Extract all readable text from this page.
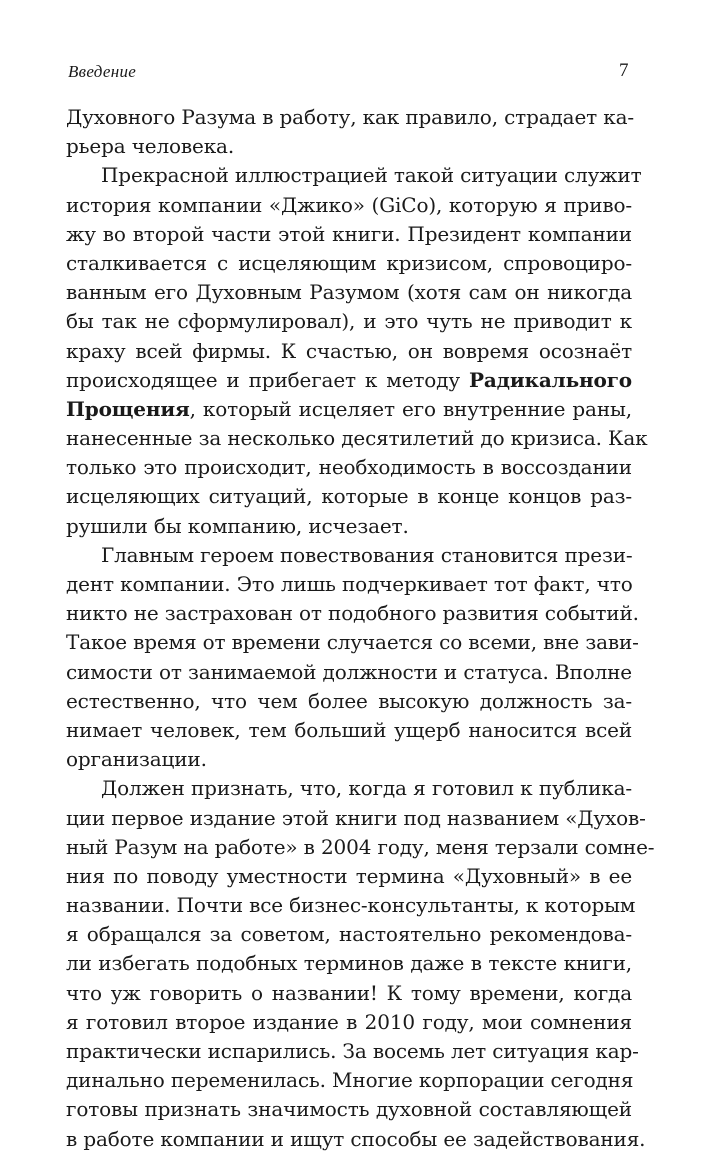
Введение	7
Духовного Разума в работу, как правило, страдает ка-
рьера человека.
Прекрасной иллюстрацией такой ситуации служит
история компании «Джико» (GiCo), которую я приво-
жу во второй части этой книги. Президент компании
сталкивается с исцеляющим кризисом, спровоциро-
ванным его Духовным Разумом (хотя сам он никогда
бы так не сформулировал), и это чуть не приводит к
краху всей фирмы. К счастью, он вовремя осознаёт
происходящее и прибегает к методу Радикального
Прощения, который исцеляет его внутренние раны,
нанесенные за несколько десятилетий до кризиса. Как
только это происходит, необходимость в воссоздании
исцеляющих ситуаций, которые в конце концов раз-
рушили бы компанию, исчезает.
Главным героем повествования становится прези-
дент компании. Это лишь подчеркивает тот факт, что
никто не застрахован от подобного развития событий.
Такое время от времени случается со всеми, вне зави-
симости от занимаемой должности и статуса. Вполне
естественно, что чем более высокую должность за-
нимает человек, тем больший ущерб наносится всей
организации.
Должен признать, что, когда я готовил к публика-
ции первое издание этой книги под названием «Духов-
ный Разум на работе» в 2004 году, меня терзали сомне-
ния по поводу уместности термина «Духовный» в ее
названии. Почти все бизнес-консультанты, к которым
я обращался за советом, настоятельно рекомендова-
ли избегать подобных терминов даже в тексте книги,
что уж говорить о названии! К тому времени, когда
я готовил второе издание в 2010 году, мои сомнения
практически испарились. За восемь лет ситуация кар-
динально переменилась. Многие корпорации сегодня
готовы признать значимость духовной составляющей
в работе компании и ищут способы ее задействования.
